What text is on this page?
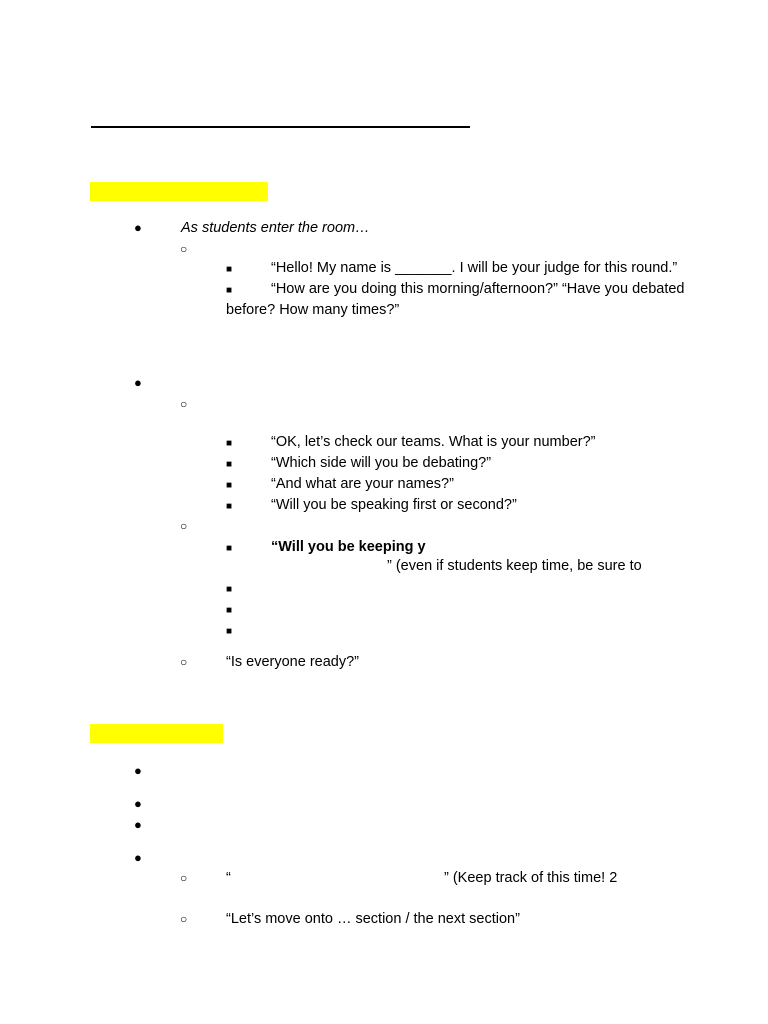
●	As students enter the room…
○
■	“Hello! My name is _______. I will be your judge for this round.”
■	“How are you doing this morning/afternoon?” “Have you debated
before? How many times?”
●
○
■	“OK, let’s check our teams. What is your number?”
■	“Which side will you be debating?”
■	“And what are your names?”
■	“Will you be speaking first or second?”
○
■	“Will you be keeping y
” (even if students keep time, be sure to
■
■
■
○	“Is everyone ready?”
●
●
●
●
○	“	” (Keep track of this time! 2
○	“Let’s move onto … section / the next section”
